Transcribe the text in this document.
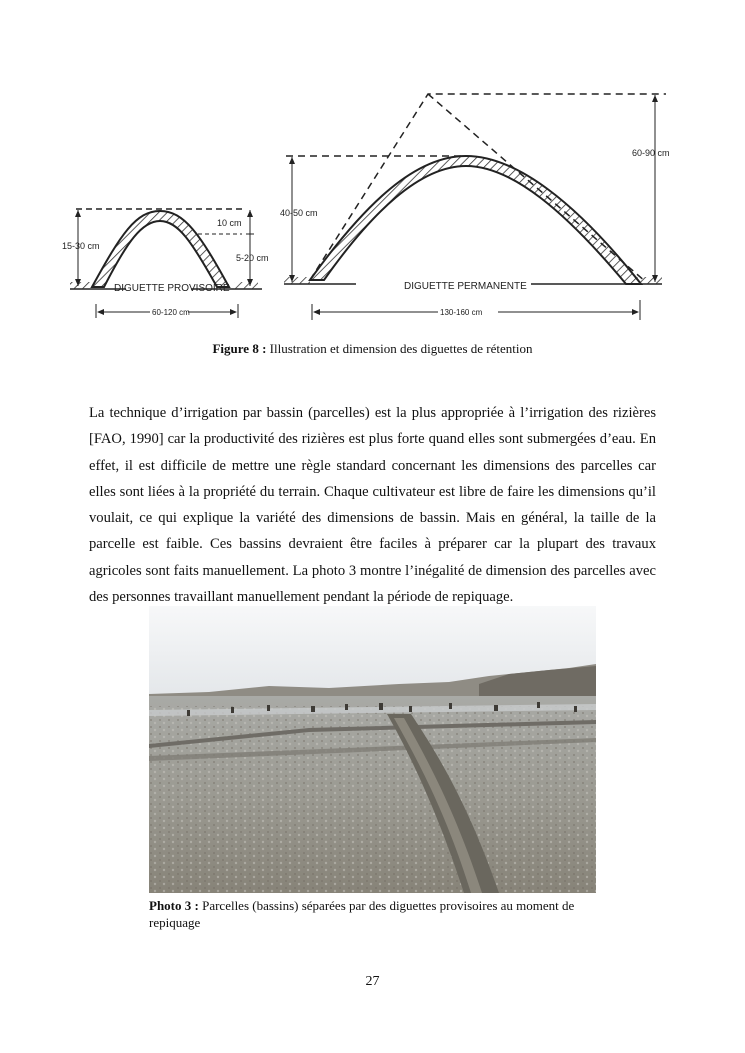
15-30 cm
10 cm
5-20 cm
DIGUETTE PROVISOIRE
60-120 cm
40-50 cm
60-90 cm
DIGUETTE PERMANENTE
130-160 cm
Figure 8 : Illustration et dimension des diguettes de rétention

La technique d’irrigation par bassin (parcelles) est la plus appropriée à l’irrigation des rizières [FAO, 1990] car la productivité des rizières est plus forte quand elles sont submergées d’eau. En effet, il est difficile de mettre une règle standard concernant les dimensions des parcelles car elles sont liées à la propriété du terrain. Chaque cultivateur est libre de faire les dimensions qu’il voulait, ce qui explique la variété des dimensions de bassin. Mais en général, la taille de la parcelle est faible. Ces bassins devraient être faciles à préparer car la plupart des travaux agricoles sont faits manuellement. La photo 3 montre l’inégalité de dimension des parcelles avec des personnes travaillant manuellement pendant la période de repiquage.

Photo 3 : Parcelles (bassins) séparées par des diguettes provisoires au moment de repiquage
27
